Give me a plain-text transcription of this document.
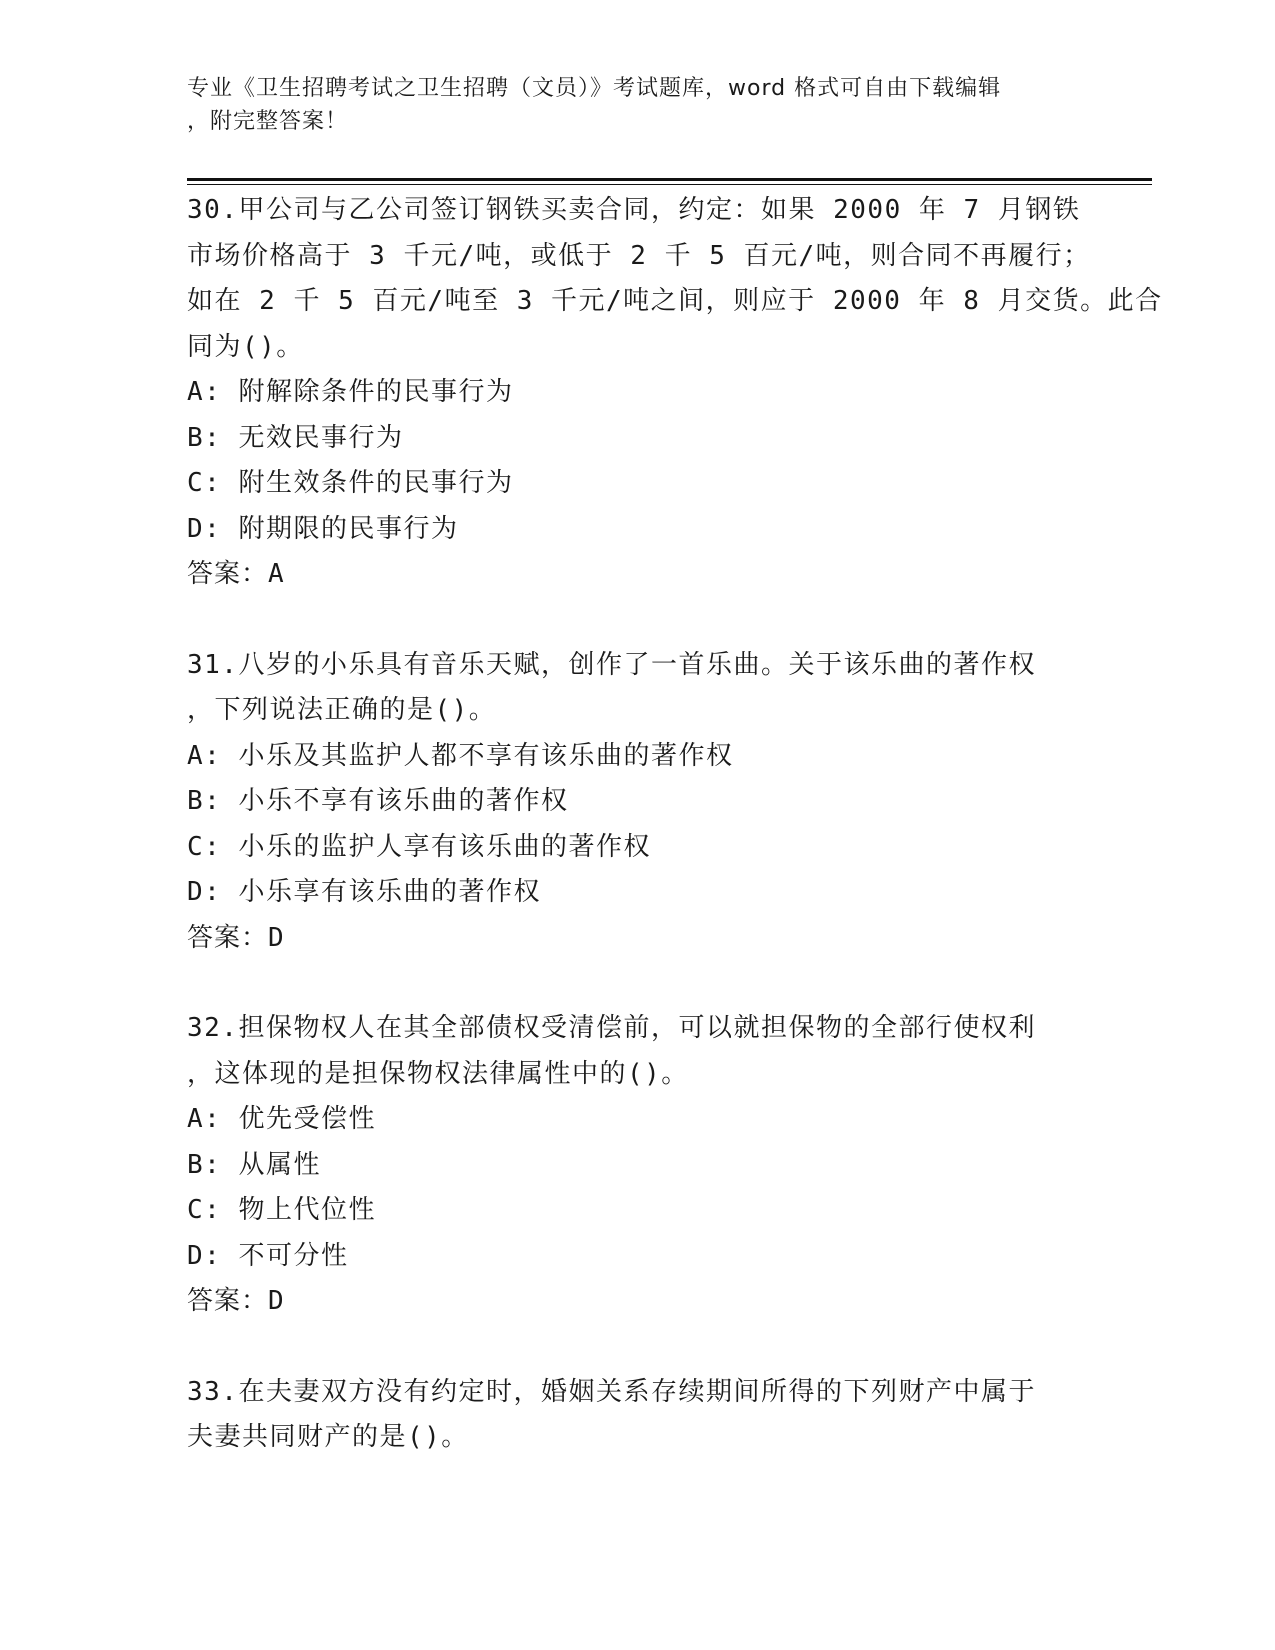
专业《卫生招聘考试之卫生招聘（文员）》考试题库，word 格式可自由下载编辑
，附完整答案！
30.甲公司与乙公司签订钢铁买卖合同，约定：如果 2000 年 7 月钢铁
市场价格高于 3 千元/吨，或低于 2 千 5 百元/吨，则合同不再履行；
如在 2 千 5 百元/吨至 3 千元/吨之间，则应于 2000 年 8 月交货。此合
同为()。
A: 附解除条件的民事行为
B: 无效民事行为
C: 附生效条件的民事行为
D: 附期限的民事行为
答案：A
31.八岁的小乐具有音乐天赋，创作了一首乐曲。关于该乐曲的著作权
，下列说法正确的是()。
A: 小乐及其监护人都不享有该乐曲的著作权
B: 小乐不享有该乐曲的著作权
C: 小乐的监护人享有该乐曲的著作权
D: 小乐享有该乐曲的著作权
答案：D
32.担保物权人在其全部债权受清偿前，可以就担保物的全部行使权利
，这体现的是担保物权法律属性中的()。
A: 优先受偿性
B: 从属性
C: 物上代位性
D: 不可分性
答案：D
33.在夫妻双方没有约定时，婚姻关系存续期间所得的下列财产中属于
夫妻共同财产的是()。
